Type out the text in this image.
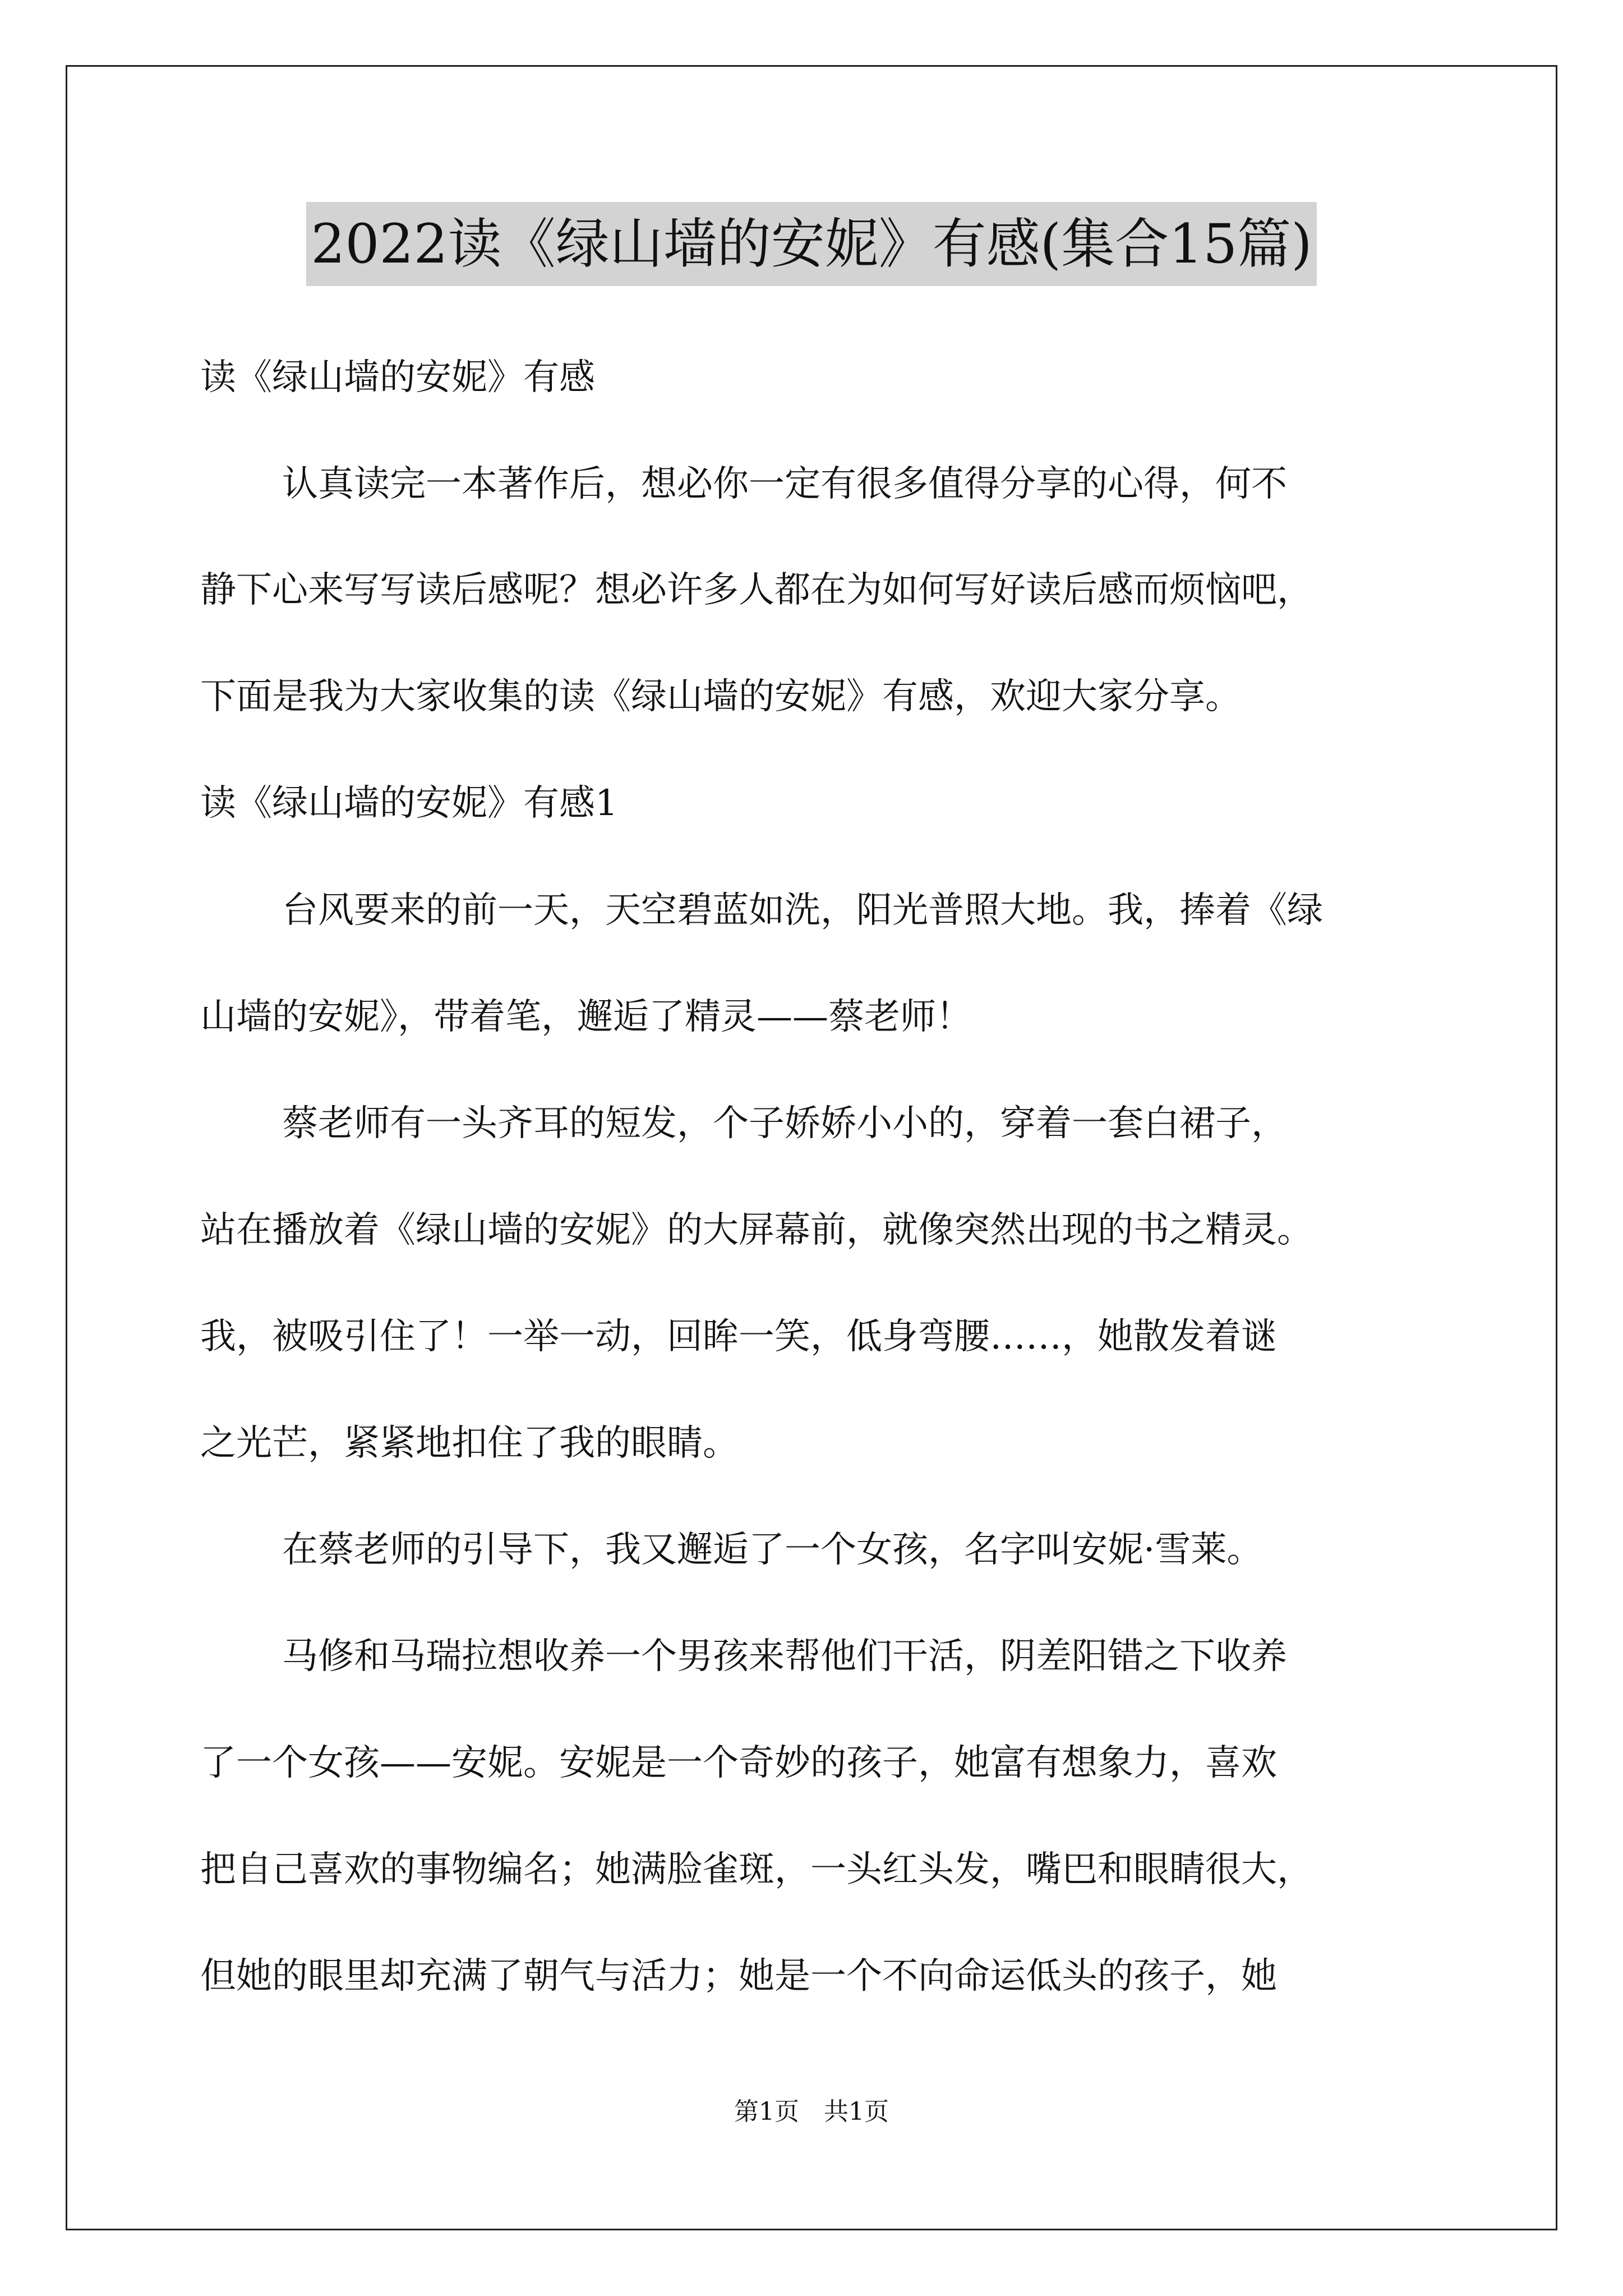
2022读《绿山墙的安妮》有感(集合15篇)
读《绿山墙的安妮》有感
认真读完一本著作后，想必你一定有很多值得分享的心得，何不
静下心来写写读后感呢？想必许多人都在为如何写好读后感而烦恼吧，
下面是我为大家收集的读《绿山墙的安妮》有感，欢迎大家分享。
读《绿山墙的安妮》有感1
台风要来的前一天，天空碧蓝如洗，阳光普照大地。我，捧着《绿
山墙的安妮》，带着笔，邂逅了精灵——蔡老师！
蔡老师有一头齐耳的短发，个子娇娇小小的，穿着一套白裙子，
站在播放着《绿山墙的安妮》的大屏幕前，就像突然出现的书之精灵。
我，被吸引住了！一举一动，回眸一笑，低身弯腰……，她散发着谜
之光芒，紧紧地扣住了我的眼睛。
在蔡老师的引导下，我又邂逅了一个女孩，名字叫安妮·雪莱。
马修和马瑞拉想收养一个男孩来帮他们干活，阴差阳错之下收养
了一个女孩——安妮。安妮是一个奇妙的孩子，她富有想象力，喜欢
把自己喜欢的事物编名；她满脸雀斑，一头红头发，嘴巴和眼睛很大，
但她的眼里却充满了朝气与活力；她是一个不向命运低头的孩子，她
第1页　共1页
